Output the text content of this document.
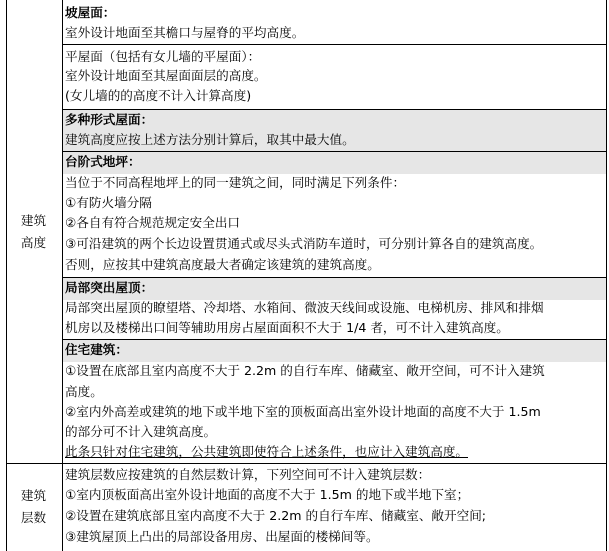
建筑
高度
建筑
层数
坡屋面：
室外设计地面至其檐口与屋脊的平均高度。
平屋面（包括有女儿墙的平屋面）：
室外设计地面至其屋面面层的高度。
(女儿墙的的高度不计入计算高度)
多种形式屋面：
建筑高度应按上述方法分别计算后，取其中最大值。
台阶式地坪：
当位于不同高程地坪上的同一建筑之间，同时满足下列条件：
①有防火墙分隔
②各自有符合规范规定安全出口
③可沿建筑的两个长边设置贯通式或尽头式消防车道时，可分别计算各自的建筑高度。
否则，应按其中建筑高度最大者确定该建筑的建筑高度。
局部突出屋顶：
局部突出屋顶的瞭望塔、冷却塔、水箱间、微波天线间或设施、电梯机房、排风和排烟
机房以及楼梯出口间等辅助用房占屋面面积不大于 1/4 者，可不计入建筑高度。
住宅建筑：
①设置在底部且室内高度不大于 2.2m 的自行车库、储藏室、敞开空间，可不计入建筑
高度。
②室内外高差或建筑的地下或半地下室的顶板面高出室外设计地面的高度不大于 1.5m
的部分可不计入建筑高度。
此条只针对住宅建筑，公共建筑即使符合上述条件，也应计入建筑高度。
建筑层数应按建筑的自然层数计算，下列空间可不计入建筑层数：
①室内顶板面高出室外设计地面的高度不大于 1.5m 的地下或半地下室；
②设置在建筑底部且室内高度不大于 2.2m 的自行车库、储藏室、敞开空间;
③建筑屋顶上凸出的局部设备用房、出屋面的楼梯间等。
